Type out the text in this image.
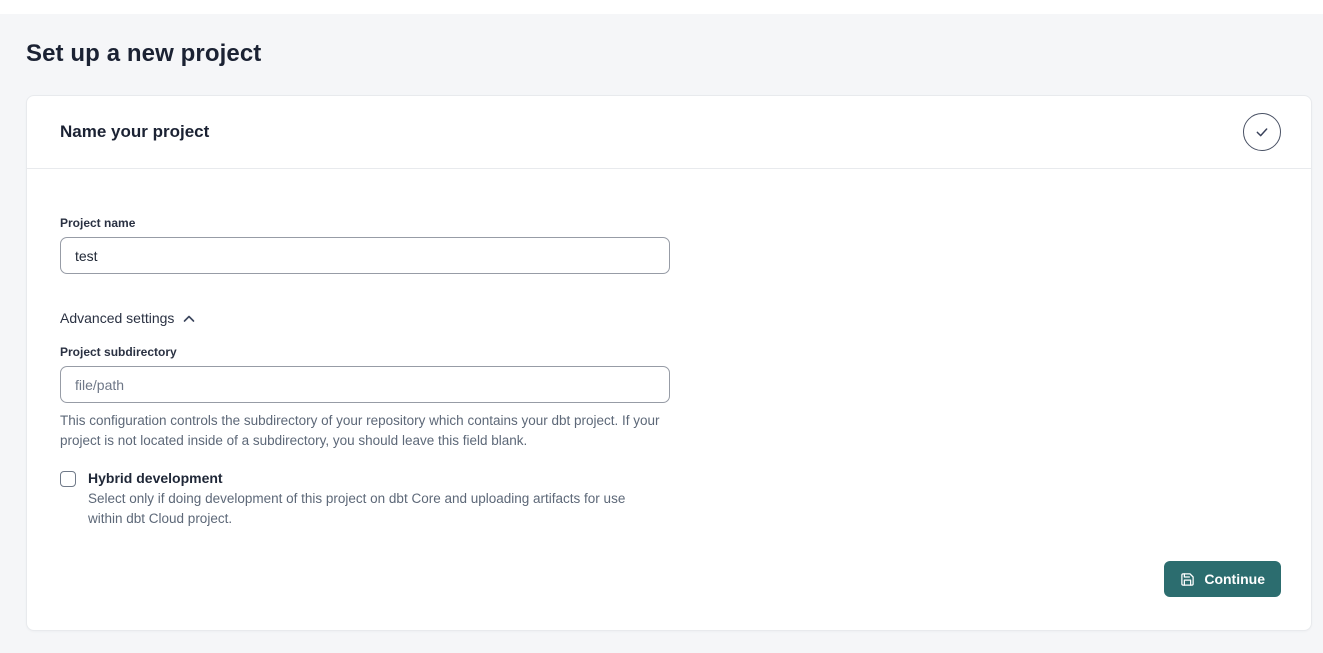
Set up a new project
Name your project
Project name
test
Advanced settings
Project subdirectory
file/path

This configuration controls the subdirectory of your repository which contains your dbt project. If your project is not located inside of a subdirectory, you should leave this field blank.

Hybrid development
Select only if doing development of this project on dbt Core and uploading artifacts for use within dbt Cloud project.
Continue
